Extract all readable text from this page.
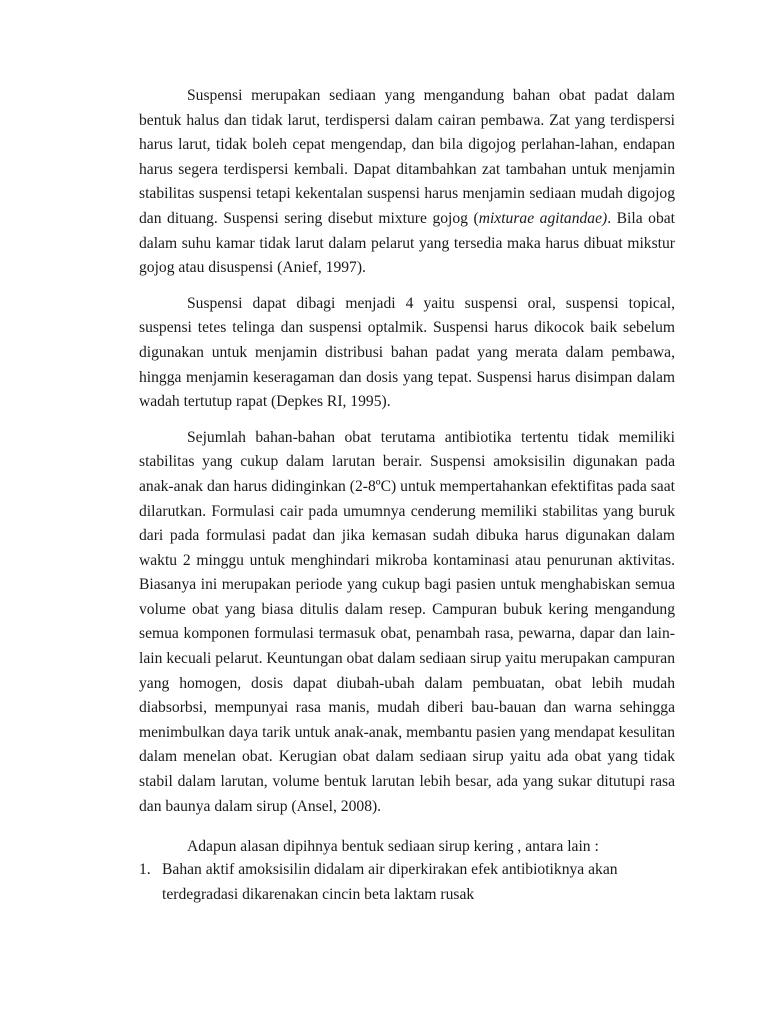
Suspensi merupakan sediaan yang mengandung bahan obat padat dalam bentuk halus dan tidak larut, terdispersi dalam cairan pembawa. Zat yang terdispersi harus larut, tidak boleh cepat mengendap, dan bila digojog perlahan-lahan, endapan harus segera terdispersi kembali. Dapat ditambahkan zat tambahan untuk menjamin stabilitas suspensi tetapi kekentalan suspensi harus menjamin sediaan mudah digojog dan dituang. Suspensi sering disebut mixture gojog (mixturae agitandae). Bila obat dalam suhu kamar tidak larut dalam pelarut yang tersedia maka harus dibuat mikstur gojog atau disuspensi (Anief, 1997).

Suspensi dapat dibagi menjadi 4 yaitu suspensi oral, suspensi topical, suspensi tetes telinga dan suspensi optalmik. Suspensi harus dikocok baik sebelum digunakan untuk menjamin distribusi bahan padat yang merata dalam pembawa, hingga menjamin keseragaman dan dosis yang tepat. Suspensi harus disimpan dalam wadah tertutup rapat (Depkes RI, 1995).

Sejumlah bahan-bahan obat terutama antibiotika tertentu tidak memiliki stabilitas yang cukup dalam larutan berair. Suspensi amoksisilin digunakan pada anak-anak dan harus didinginkan (2-8ºC) untuk mempertahankan efektifitas pada saat dilarutkan. Formulasi cair pada umumnya cenderung memiliki stabilitas yang buruk dari pada formulasi padat dan jika kemasan sudah dibuka harus digunakan dalam waktu 2 minggu untuk menghindari mikroba kontaminasi atau penurunan aktivitas. Biasanya ini merupakan periode yang cukup bagi pasien untuk menghabiskan semua volume obat yang biasa ditulis dalam resep. Campuran bubuk kering mengandung semua komponen formulasi termasuk obat, penambah rasa, pewarna, dapar dan lain-lain kecuali pelarut. Keuntungan obat dalam sediaan sirup yaitu merupakan campuran yang homogen, dosis dapat diubah-ubah dalam pembuatan, obat lebih mudah diabsorbsi, mempunyai rasa manis, mudah diberi bau-bauan dan warna sehingga menimbulkan daya tarik untuk anak-anak, membantu pasien yang mendapat kesulitan dalam menelan obat. Kerugian obat dalam sediaan sirup yaitu ada obat yang tidak stabil dalam larutan, volume bentuk larutan lebih besar, ada yang sukar ditutupi rasa dan baunya dalam sirup (Ansel, 2008).

Adapun alasan dipihnya bentuk sediaan sirup kering , antara lain :

1. Bahan aktif amoksisilin didalam air diperkirakan efek antibiotiknya akan terdegradasi dikarenakan cincin beta laktam rusak
